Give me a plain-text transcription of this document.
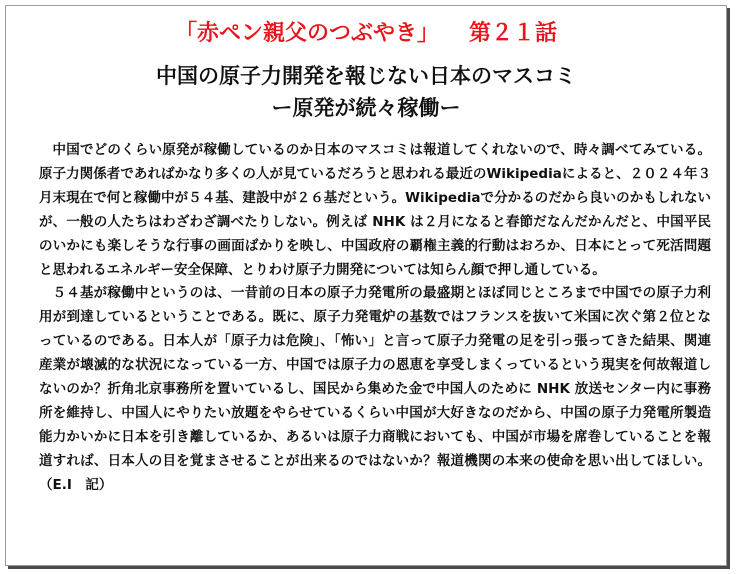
「赤ペン親父のつぶやき」 第２１話
中国の原子力開発を報じない日本のマスコミ
ー原発が続々稼働ー

中国でどのくらい原発が稼働しているのか日本のマスコミは報道してくれないので、時々調べてみている。原子力関係者であればかなり多くの人が見ているだろうと思われる最近のWikipediaによると、２０２４年３月末現在で何と稼働中が５４基、建設中が２６基だという。Wikipediaで分かるのだから良いのかもしれないが、一般の人たちはわざわざ調べたりしない。例えば NHK は２月になると春節だなんだかんだと、中国平民のいかにも楽しそうな行事の画面ばかりを映し、中国政府の覇権主義的行動はおろか、日本にとって死活問題と思われるエネルギー安全保障、とりわけ原子力開発については知らん顔で押し通している。

５４基が稼働中というのは、一昔前の日本の原子力発電所の最盛期とほぼ同じところまで中国での原子力利用が到達しているということである。既に、原子力発電炉の基数ではフランスを抜いて米国に次ぐ第２位となっているのである。日本人が「原子力は危険」、「怖い」と言って原子力発電の足を引っ張ってきた結果、関連産業が壊滅的な状況になっている一方、中国では原子力の恩恵を享受しまくっているという現実を何故報道しないのか？折角北京事務所を置いているし、国民から集めた金で中国人のために NHK 放送センター内に事務所を維持し、中国人にやりたい放題をやらせているくらい中国が大好きなのだから、中国の原子力発電所製造能力かいかに日本を引き離しているか、あるいは原子力商戦においても、中国が市場を席巻していることを報道すれば、日本人の目を覚まさせることが出来るのではないか？報道機関の本来の使命を思い出してほしい。（E.I　記）
